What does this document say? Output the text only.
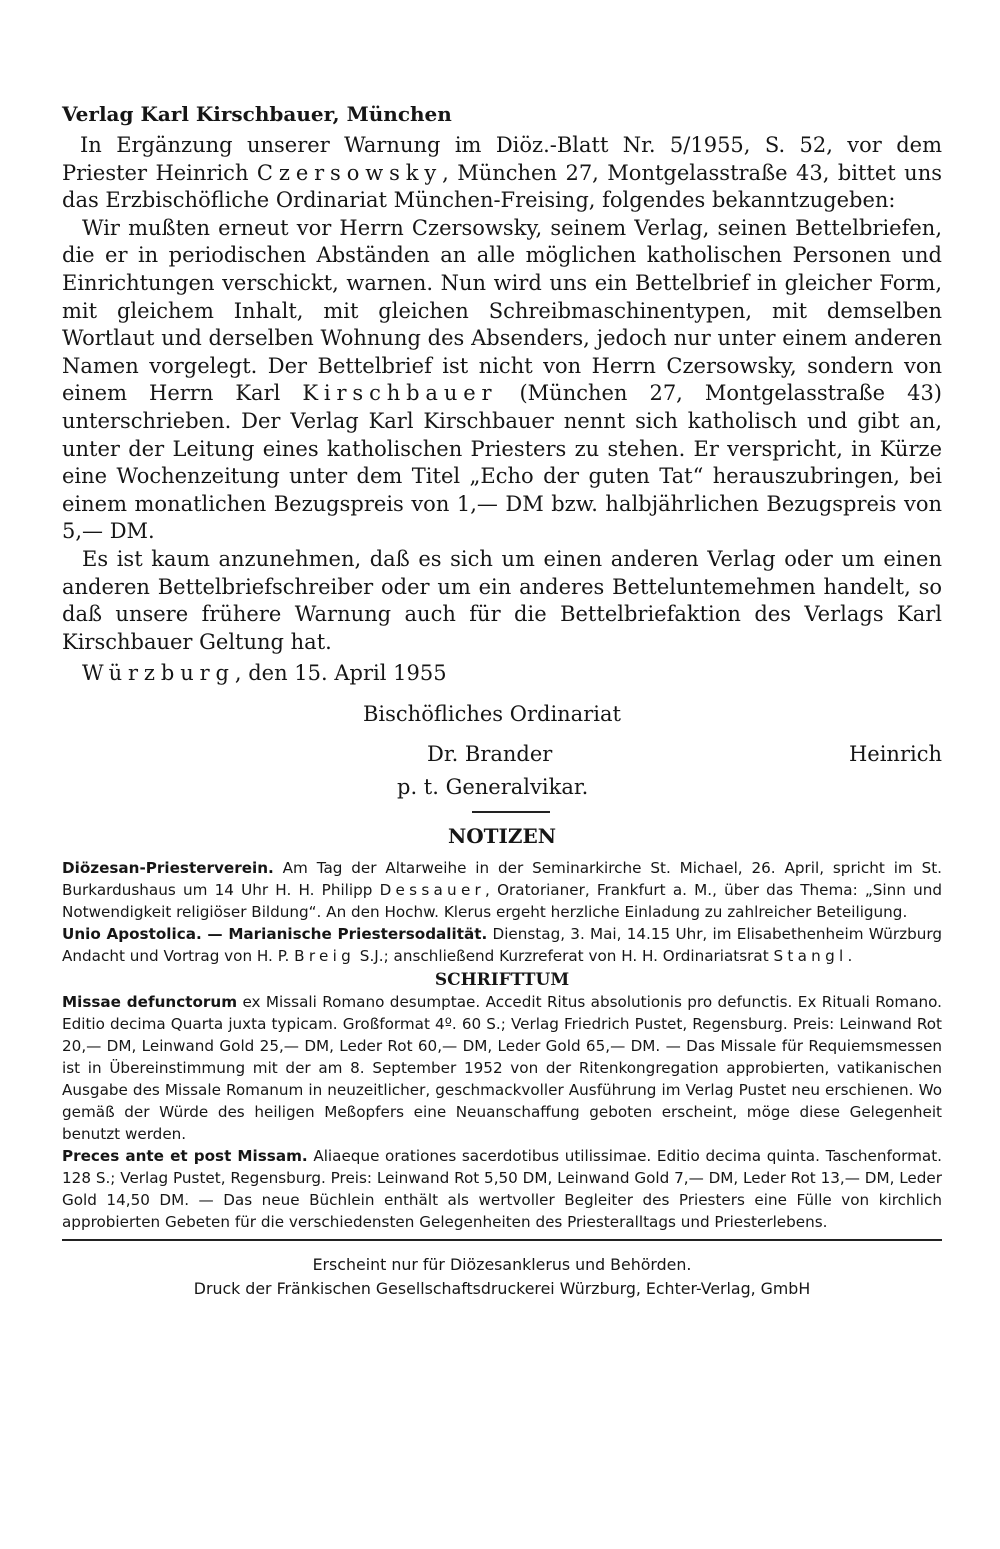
Verlag Karl Kirschbauer, München

In Ergänzung unserer Warnung im Diöz.-Blatt Nr. 5/1955, S. 52, vor dem Priester Heinrich Czersowsky, München 27, Montgelasstraße 43, bittet uns das Erzbischöfliche Ordinariat München-Freising, folgendes bekanntzugeben:

Wir mußten erneut vor Herrn Czersowsky, seinem Verlag, seinen Bettelbriefen, die er in periodischen Abständen an alle möglichen katholischen Personen und Einrichtungen verschickt, warnen. Nun wird uns ein Bettelbrief in gleicher Form, mit gleichem Inhalt, mit gleichen Schreibmaschinentypen, mit demselben Wortlaut und derselben Wohnung des Absenders, jedoch nur unter einem anderen Namen vorgelegt. Der Bettelbrief ist nicht von Herrn Czersowsky, sondern von einem Herrn Karl Kirschbauer (München 27, Montgelasstraße 43) unterschrieben. Der Verlag Karl Kirschbauer nennt sich katholisch und gibt an, unter der Leitung eines katholischen Priesters zu stehen. Er verspricht, in Kürze eine Wochenzeitung unter dem Titel „Echo der guten Tat“ herauszubringen, bei einem monatlichen Bezugspreis von 1,— DM bzw. halbjährlichen Bezugspreis von 5,— DM.

Es ist kaum anzunehmen, daß es sich um einen anderen Verlag oder um einen anderen Bettelbriefschreiber oder um ein anderes Betteluntemehmen handelt, so daß unsere frühere Warnung auch für die Bettelbriefaktion des Verlags Karl Kirschbauer Geltung hat.

Würzburg, den 15. April 1955
Bischöfliches Ordinariat
Dr. Brander	Heinrich
p. t. Generalvikar.
NOTIZEN

Diözesan-Priesterverein. Am Tag der Altarweihe in der Seminarkirche St. Michael, 26. April, spricht im St. Burkardushaus um 14 Uhr H. H. Philipp Dessauer, Oratorianer, Frankfurt a. M., über das Thema: „Sinn und Notwendigkeit religiöser Bildung“. An den Hochw. Klerus ergeht herzliche Einladung zu zahlreicher Beteiligung.

Unio Apostolica. — Marianische Priestersodalität. Dienstag, 3. Mai, 14.15 Uhr, im Elisabethenheim Würzburg Andacht und Vortrag von H. P. Breig S.J.; anschließend Kurzreferat von H. H. Ordinariatsrat Stangl.

SCHRIFTTUM

Missae defunctorum ex Missali Romano desumptae. Accedit Ritus absolutionis pro defunctis. Ex Rituali Romano. Editio decima Quarta juxta typicam. Großformat 4º. 60 S.; Verlag Friedrich Pustet, Regensburg. Preis: Leinwand Rot 20,— DM, Leinwand Gold 25,— DM, Leder Rot 60,— DM, Leder Gold 65,— DM. — Das Missale für Requiemsmessen ist in Übereinstimmung mit der am 8. September 1952 von der Ritenkongregation approbierten, vatikanischen Ausgabe des Missale Romanum in neuzeitlicher, geschmackvoller Ausführung im Verlag Pustet neu erschienen. Wo gemäß der Würde des heiligen Meßopfers eine Neuanschaffung geboten erscheint, möge diese Gelegenheit benutzt werden.

Preces ante et post Missam. Aliaeque orationes sacerdotibus utilissimae. Editio decima quinta. Taschenformat. 128 S.; Verlag Pustet, Regensburg. Preis: Leinwand Rot 5,50 DM, Leinwand Gold 7,— DM, Leder Rot 13,— DM, Leder Gold 14,50 DM. — Das neue Büchlein enthält als wertvoller Begleiter des Priesters eine Fülle von kirchlich approbierten Gebeten für die verschiedensten Gelegenheiten des Priesteralltags und Priesterlebens.

Erscheint nur für Diözesanklerus und Behörden.
Druck der Fränkischen Gesellschaftsdruckerei Würzburg, Echter-Verlag, GmbH
